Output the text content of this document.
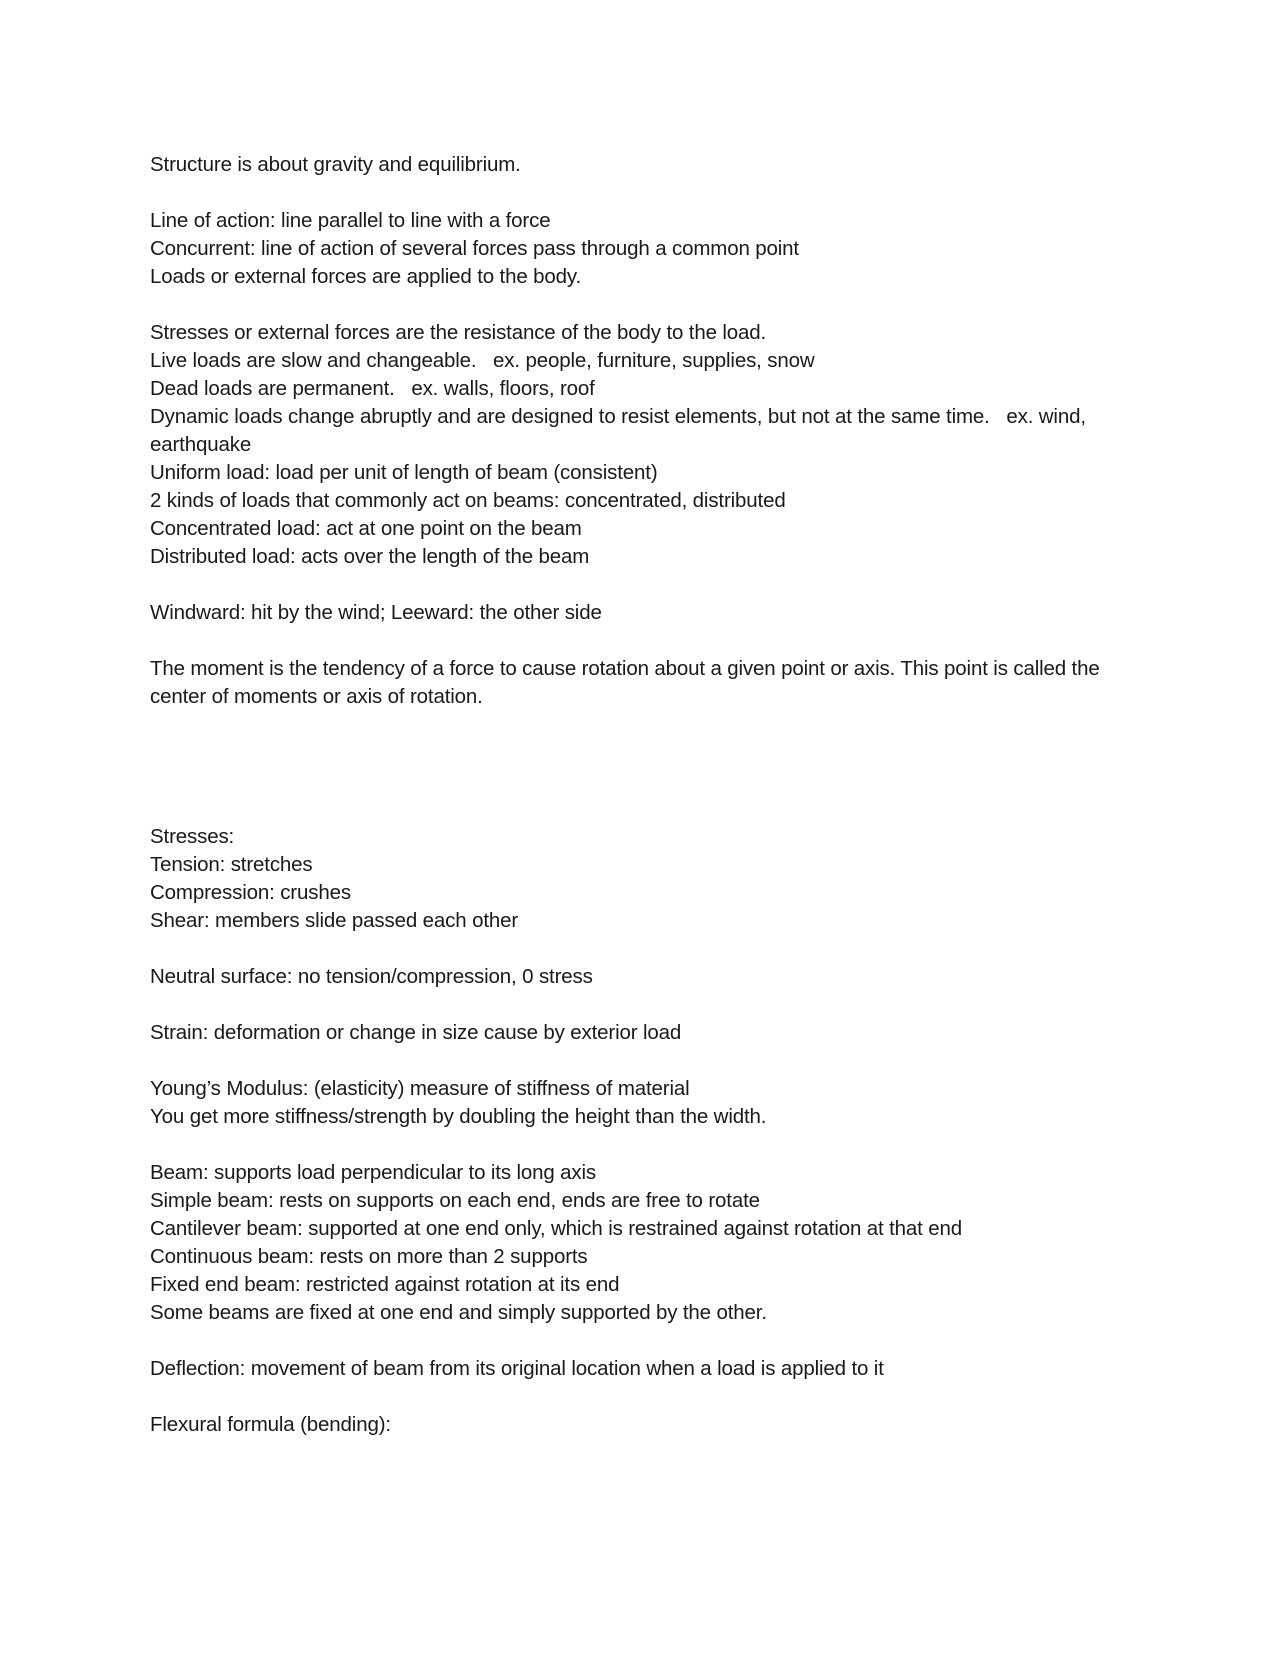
Structure is about gravity and equilibrium.
Line of action: line parallel to line with a force
Concurrent: line of action of several forces pass through a common point
Loads or external forces are applied to the body.
Stresses or external forces are the resistance of the body to the load.
Live loads are slow and changeable.   ex. people, furniture, supplies, snow
Dead loads are permanent.   ex. walls, floors, roof
Dynamic loads change abruptly and are designed to resist elements, but not at the same time.   ex. wind, earthquake
Uniform load: load per unit of length of beam (consistent)
2 kinds of loads that commonly act on beams: concentrated, distributed
Concentrated load: act at one point on the beam
Distributed load: acts over the length of the beam
Windward: hit by the wind; Leeward: the other side
The moment is the tendency of a force to cause rotation about a given point or axis. This point is called the center of moments or axis of rotation.
Stresses:
Tension: stretches
Compression: crushes
Shear: members slide passed each other
Neutral surface: no tension/compression, 0 stress
Strain: deformation or change in size cause by exterior load
Young’s Modulus: (elasticity) measure of stiffness of material
You get more stiffness/strength by doubling the height than the width.
Beam: supports load perpendicular to its long axis
Simple beam: rests on supports on each end, ends are free to rotate
Cantilever beam: supported at one end only, which is restrained against rotation at that end
Continuous beam: rests on more than 2 supports
Fixed end beam: restricted against rotation at its end
Some beams are fixed at one end and simply supported by the other.
Deflection: movement of beam from its original location when a load is applied to it
Flexural formula (bending):
